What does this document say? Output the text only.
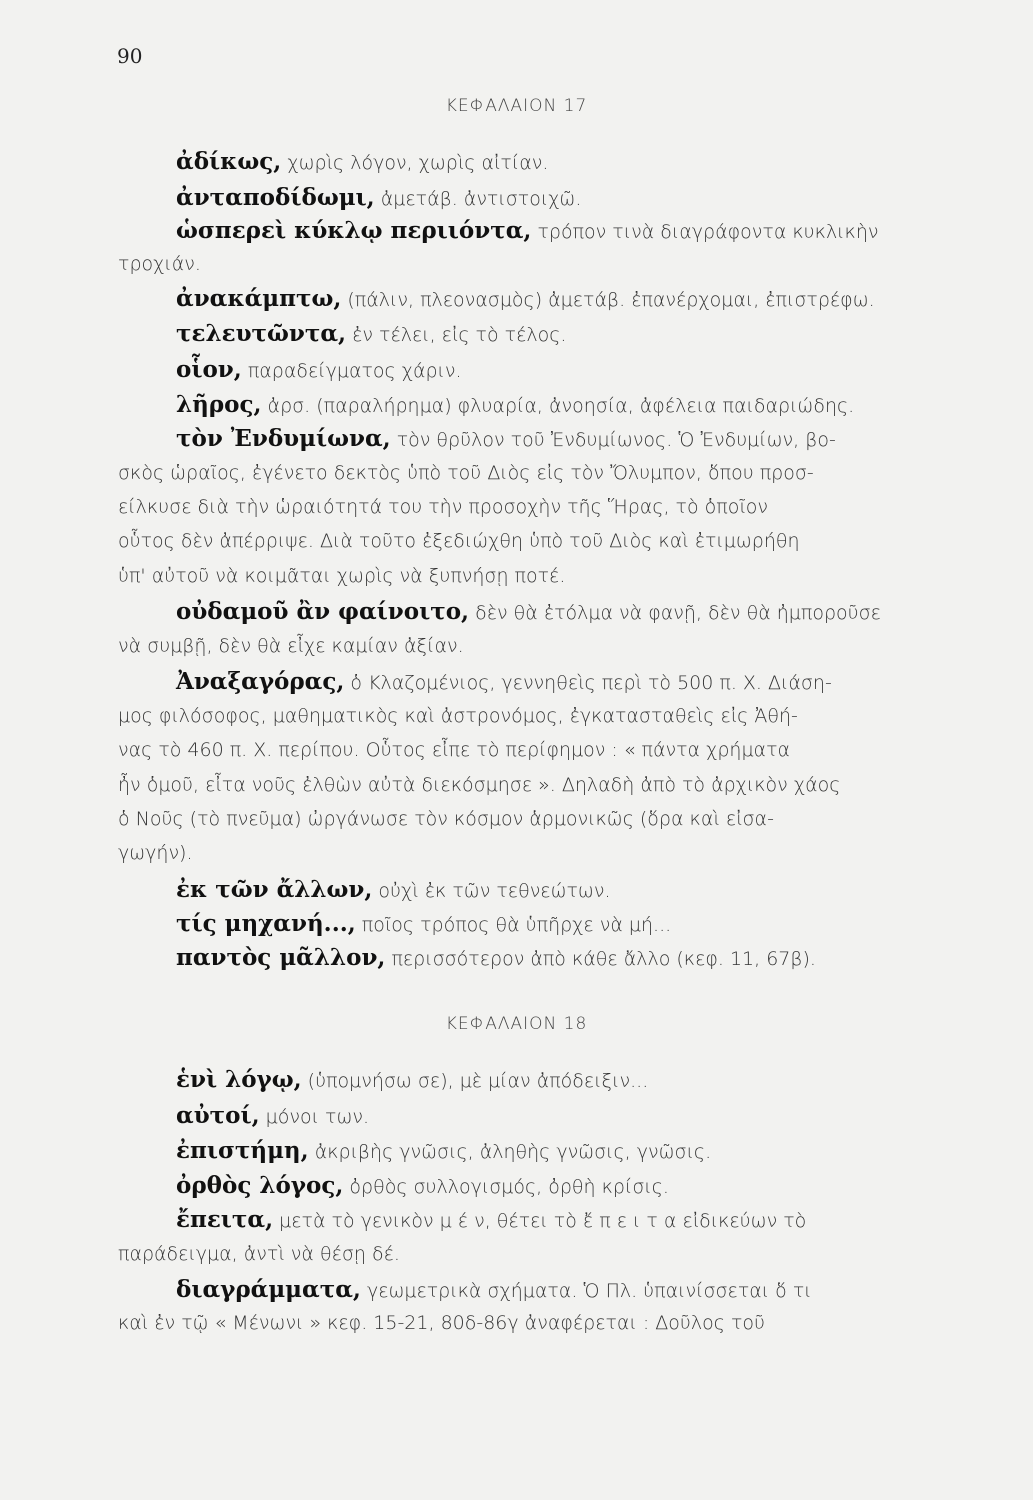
90
ΚΕΦΑΛΑΙΟΝ 17
ἀδίκως, χωρὶς λόγον, χωρὶς αἰτίαν.
ἀνταποδίδωμι, ἀμετάβ. ἀντιστοιχῶ.
ὡσπερεὶ κύκλῳ περιιόντα, τρόπον τινὰ διαγράφοντα κυκλικὴν
τροχιάν.
ἀνακάμπτω, (πάλιν, πλεονασμὸς) ἀμετάβ. ἐπανέρχομαι, ἐπιστρέφω.
τελευτῶντα, ἐν τέλει, εἰς τὸ τέλος.
οἷον, παραδείγματος χάριν.
λῆρος, ἀρσ. (παραλήρημα) φλυαρία, ἀνοησία, ἀφέλεια παιδαριώδης.
τὸν Ἐνδυμίωνα, τὸν θρῦλον τοῦ Ἐνδυμίωνος. Ὁ Ἐνδυμίων, βο-
σκὸς ὡραῖος, ἐγένετο δεκτὸς ὑπὸ τοῦ Διὸς εἰς τὸν Ὄλυμπον, ὅπου προσ-
είλκυσε διὰ τὴν ὡραιότητά του τὴν προσοχὴν τῆς Ἥρας, τὸ ὁποῖον
οὗτος δὲν ἀπέρριψε. Διὰ τοῦτο ἐξεδιώχθη ὑπὸ τοῦ Διὸς καὶ ἐτιμωρήθη
ὑπ' αὐτοῦ νὰ κοιμᾶται χωρὶς νὰ ξυπνήσῃ ποτέ.
οὐδαμοῦ ἂν φαίνοιτο, δὲν θὰ ἐτόλμα νὰ φανῇ, δὲν θὰ ἠμποροῦσε
νὰ συμβῇ, δὲν θὰ εἶχε καμίαν ἀξίαν.
Ἀναξαγόρας, ὁ Κλαζομένιος, γεννηθεὶς περὶ τὸ 500 π. Χ. Διάση-
μος φιλόσοφος, μαθηματικὸς καὶ ἀστρονόμος, ἐγκατασταθεὶς εἰς Ἀθή-
νας τὸ 460 π. Χ. περίπου. Οὗτος εἶπε τὸ περίφημον : « πάντα χρήματα
ἦν ὁμοῦ, εἶτα νοῦς ἐλθὼν αὐτὰ διεκόσμησε ». Δηλαδὴ ἀπὸ τὸ ἀρχικὸν χάος
ὁ Νοῦς (τὸ πνεῦμα) ὠργάνωσε τὸν κόσμον ἁρμονικῶς (ὅρα καὶ εἰσα-
γωγήν).
ἐκ τῶν ἄλλων, οὐχὶ ἐκ τῶν τεθνεώτων.
τίς μηχανή..., ποῖος τρόπος θὰ ὑπῆρχε νὰ μή...
παντὸς μᾶλλον, περισσότερον ἀπὸ κάθε ἄλλο (κεφ. 11, 67β).
ΚΕΦΑΛΑΙΟΝ 18
ἑνὶ λόγῳ, (ὑπομνήσω σε), μὲ μίαν ἀπόδειξιν...
αὐτοί, μόνοι των.
ἐπιστήμη, ἀκριβὴς γνῶσις, ἀληθὴς γνῶσις, γνῶσις.
ὀρθὸς λόγος, ὀρθὸς συλλογισμός, ὀρθὴ κρίσις.
ἔπειτα, μετὰ τὸ γενικὸν μ έ ν, θέτει τὸ ἔ π ε ι τ α εἰδικεύων τὸ
παράδειγμα, ἀντὶ νὰ θέσῃ δέ.
διαγράμματα, γεωμετρικὰ σχήματα. Ὁ Πλ. ὑπαινίσσεται ὅ τι
καὶ ἐν τῷ « Μένωνι » κεφ. 15-21, 80δ-86γ ἀναφέρεται : Δοῦλος τοῦ
